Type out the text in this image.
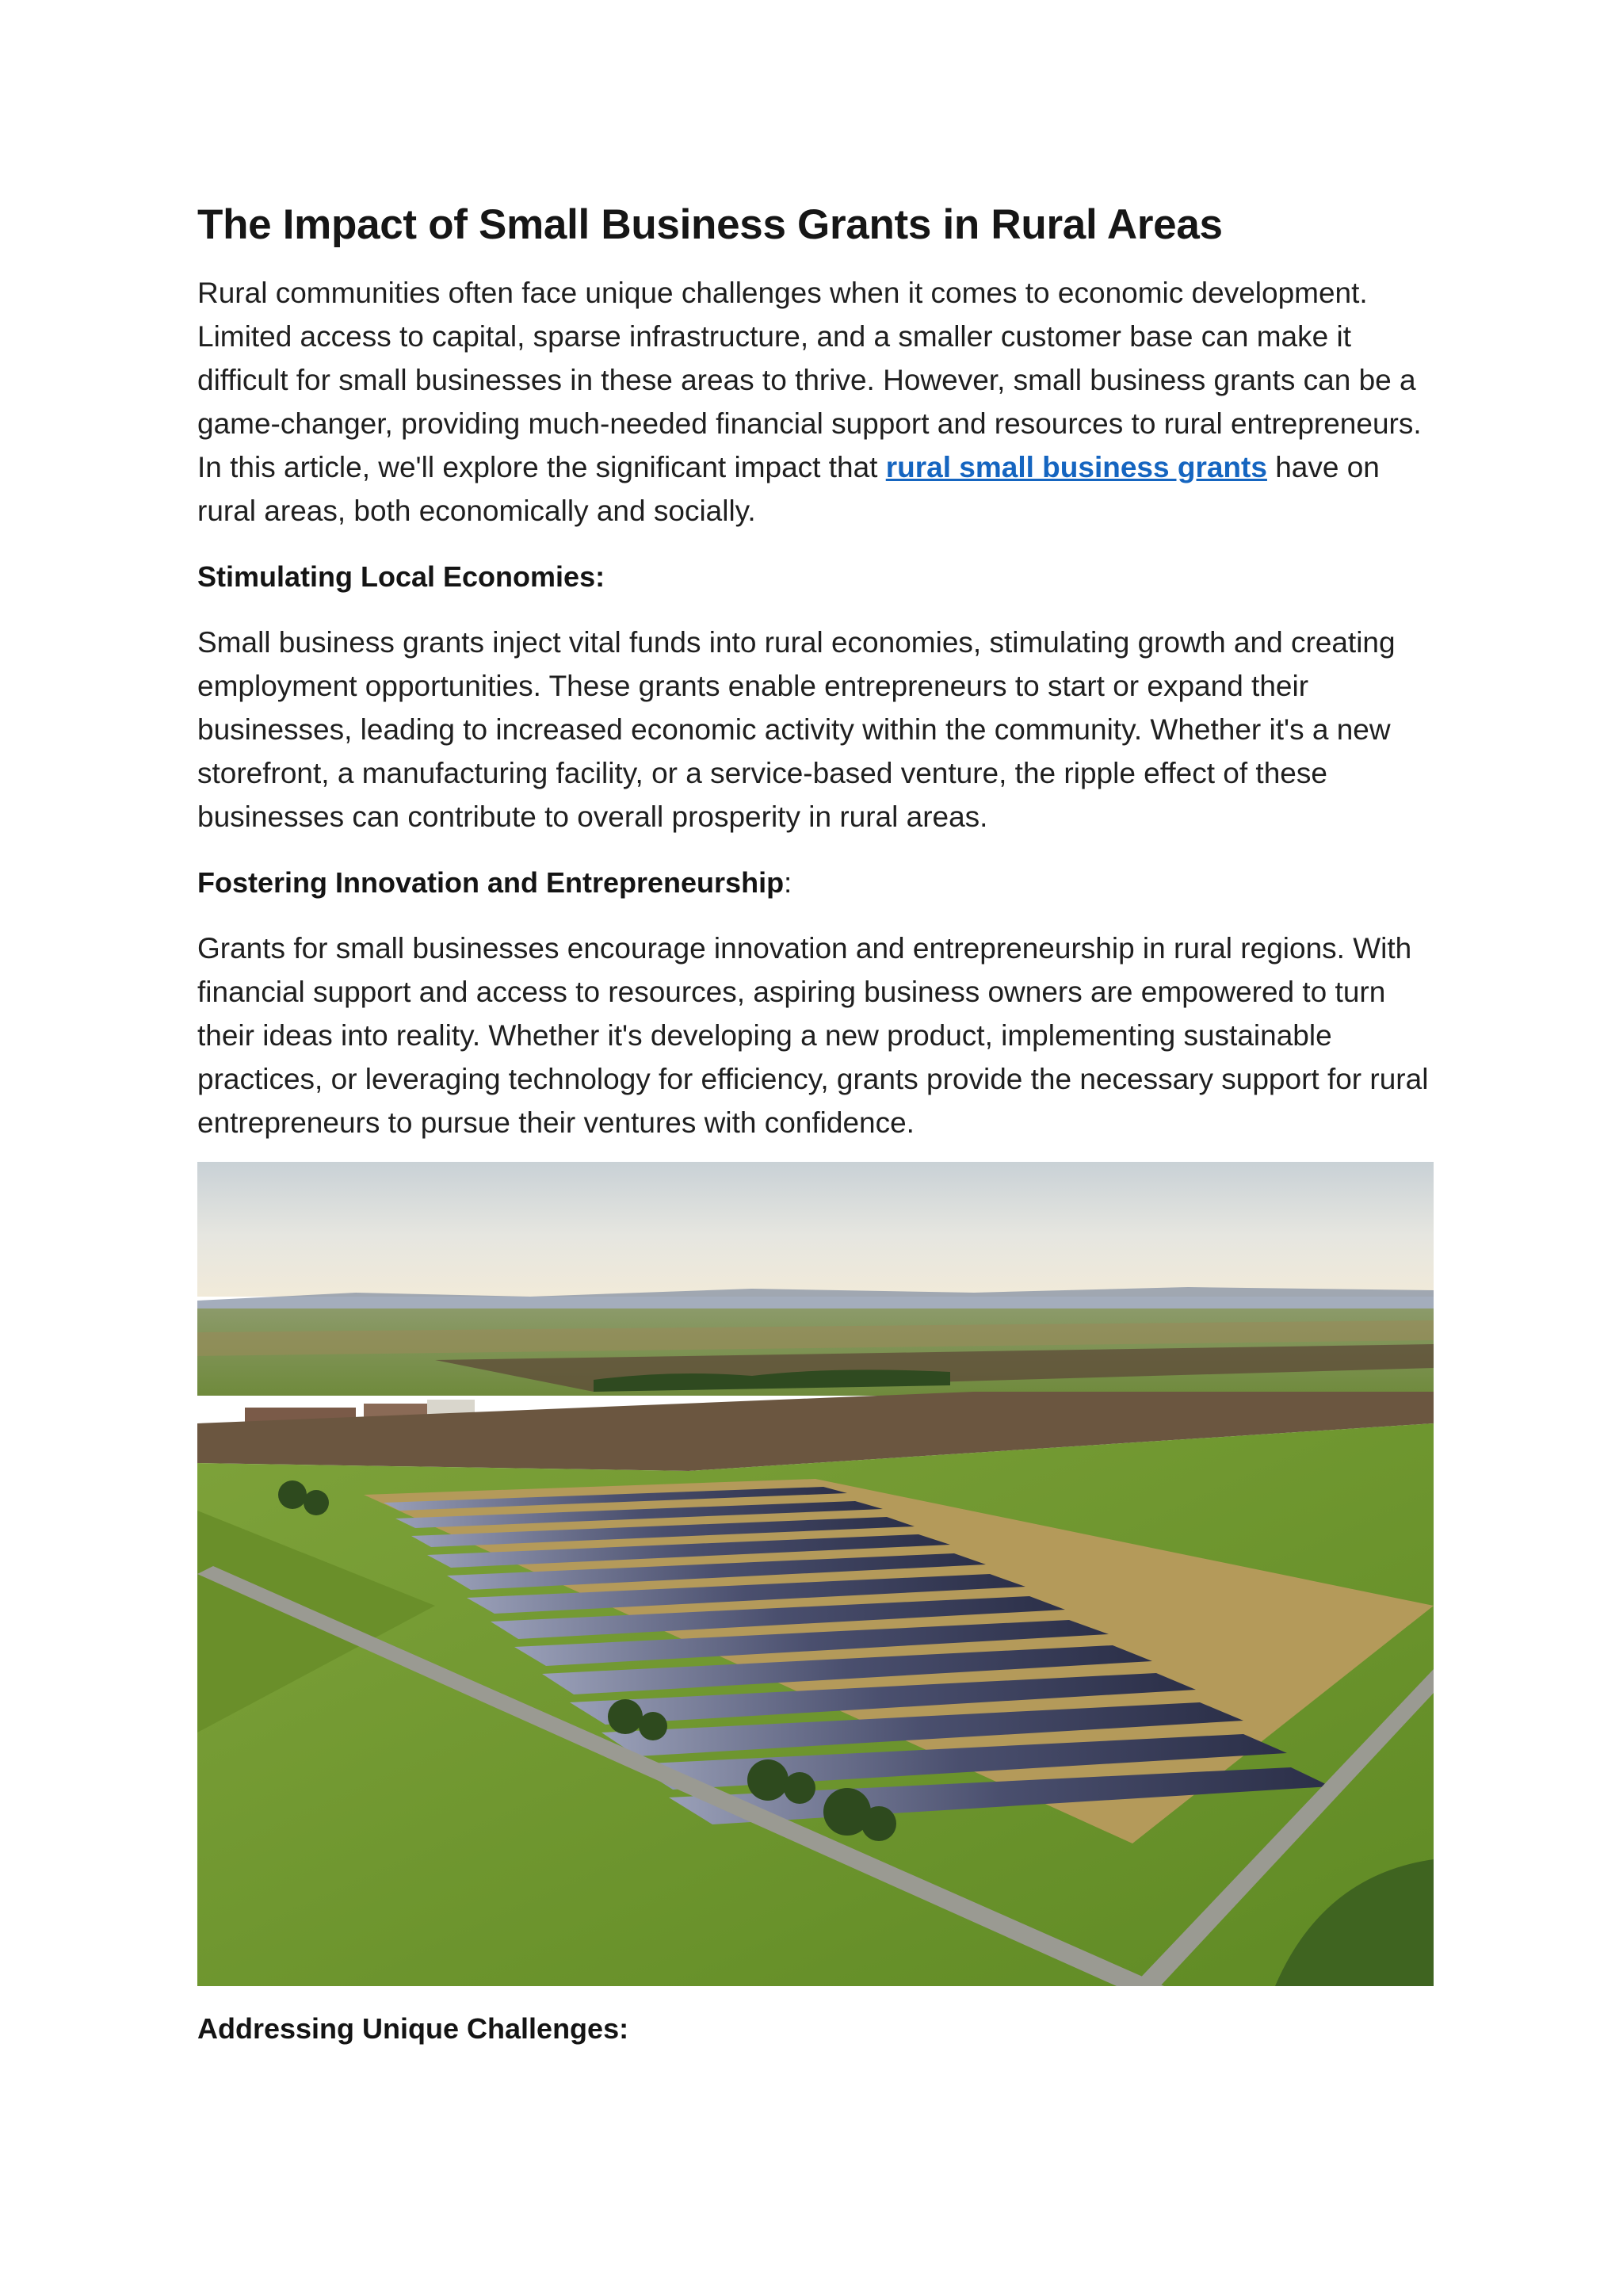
The Impact of Small Business Grants in Rural Areas

Rural communities often face unique challenges when it comes to economic development. Limited access to capital, sparse infrastructure, and a smaller customer base can make it difficult for small businesses in these areas to thrive. However, small business grants can be a game-changer, providing much-needed financial support and resources to rural entrepreneurs. In this article, we'll explore the significant impact that rural small business grants have on rural areas, both economically and socially.

Stimulating Local Economies:

Small business grants inject vital funds into rural economies, stimulating growth and creating employment opportunities. These grants enable entrepreneurs to start or expand their businesses, leading to increased economic activity within the community. Whether it's a new storefront, a manufacturing facility, or a service-based venture, the ripple effect of these businesses can contribute to overall prosperity in rural areas.

Fostering Innovation and Entrepreneurship:

Grants for small businesses encourage innovation and entrepreneurship in rural regions. With financial support and access to resources, aspiring business owners are empowered to turn their ideas into reality. Whether it's developing a new product, implementing sustainable practices, or leveraging technology for efficiency, grants provide the necessary support for rural entrepreneurs to pursue their ventures with confidence.

Addressing Unique Challenges:
